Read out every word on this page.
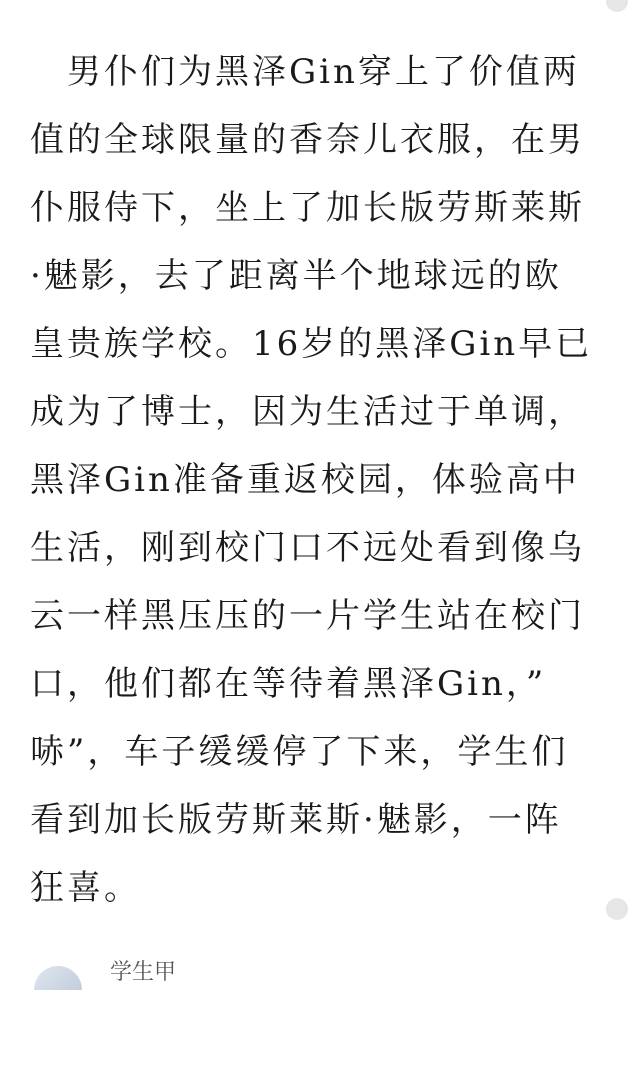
　男仆们为黑泽Gin穿上了价值两
值的全球限量的香奈儿衣服，在男
仆服侍下，坐上了加长版劳斯莱斯
·魅影，去了距离半个地球远的欧
皇贵族学校。16岁的黑泽Gin早已
成为了博士，因为生活过于单调，
黑泽Gin准备重返校园，体验高中
生活，刚到校门口不远处看到像乌
云一样黑压压的一片学生站在校门
口，他们都在等待着黑泽Gin，”
哧”，车子缓缓停了下来，学生们
看到加长版劳斯莱斯·魅影，一阵
狂喜。
学生甲
